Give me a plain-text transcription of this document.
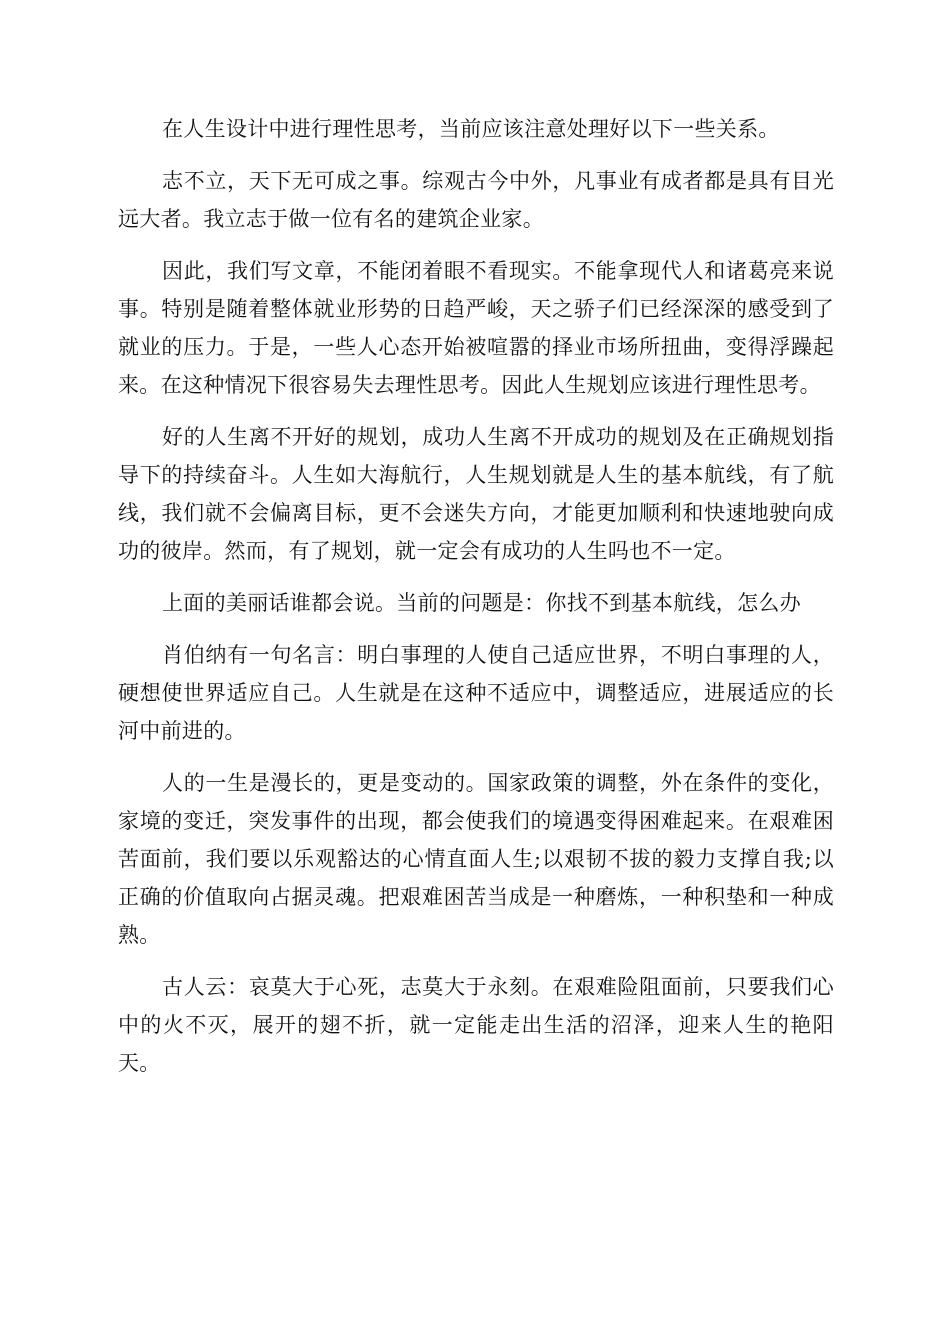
在人生设计中进行理性思考，当前应该注意处理好以下一些关系。

志不立，天下无可成之事。综观古今中外，凡事业有成者都是具有目光远大者。我立志于做一位有名的建筑企业家。

因此，我们写文章，不能闭着眼不看现实。不能拿现代人和诸葛亮来说事。特别是随着整体就业形势的日趋严峻，天之骄子们已经深深的感受到了就业的压力。于是，一些人心态开始被喧嚣的择业市场所扭曲，变得浮躁起来。在这种情况下很容易失去理性思考。因此人生规划应该进行理性思考。

好的人生离不开好的规划，成功人生离不开成功的规划及在正确规划指导下的持续奋斗。人生如大海航行，人生规划就是人生的基本航线，有了航线，我们就不会偏离目标，更不会迷失方向，才能更加顺利和快速地驶向成功的彼岸。然而，有了规划，就一定会有成功的人生吗也不一定。

上面的美丽话谁都会说。当前的问题是：你找不到基本航线，怎么办

肖伯纳有一句名言：明白事理的人使自己适应世界，不明白事理的人，硬想使世界适应自己。人生就是在这种不适应中，调整适应，进展适应的长河中前进的。

人的一生是漫长的，更是变动的。国家政策的调整，外在条件的变化，家境的变迁，突发事件的出现，都会使我们的境遇变得困难起来。在艰难困苦面前，我们要以乐观豁达的心情直面人生;以艰韧不拔的毅力支撑自我;以正确的价值取向占据灵魂。把艰难困苦当成是一种磨炼，一种积垫和一种成熟。

古人云：哀莫大于心死，志莫大于永刻。在艰难险阻面前，只要我们心中的火不灭，展开的翅不折，就一定能走出生活的沼泽，迎来人生的艳阳天。
